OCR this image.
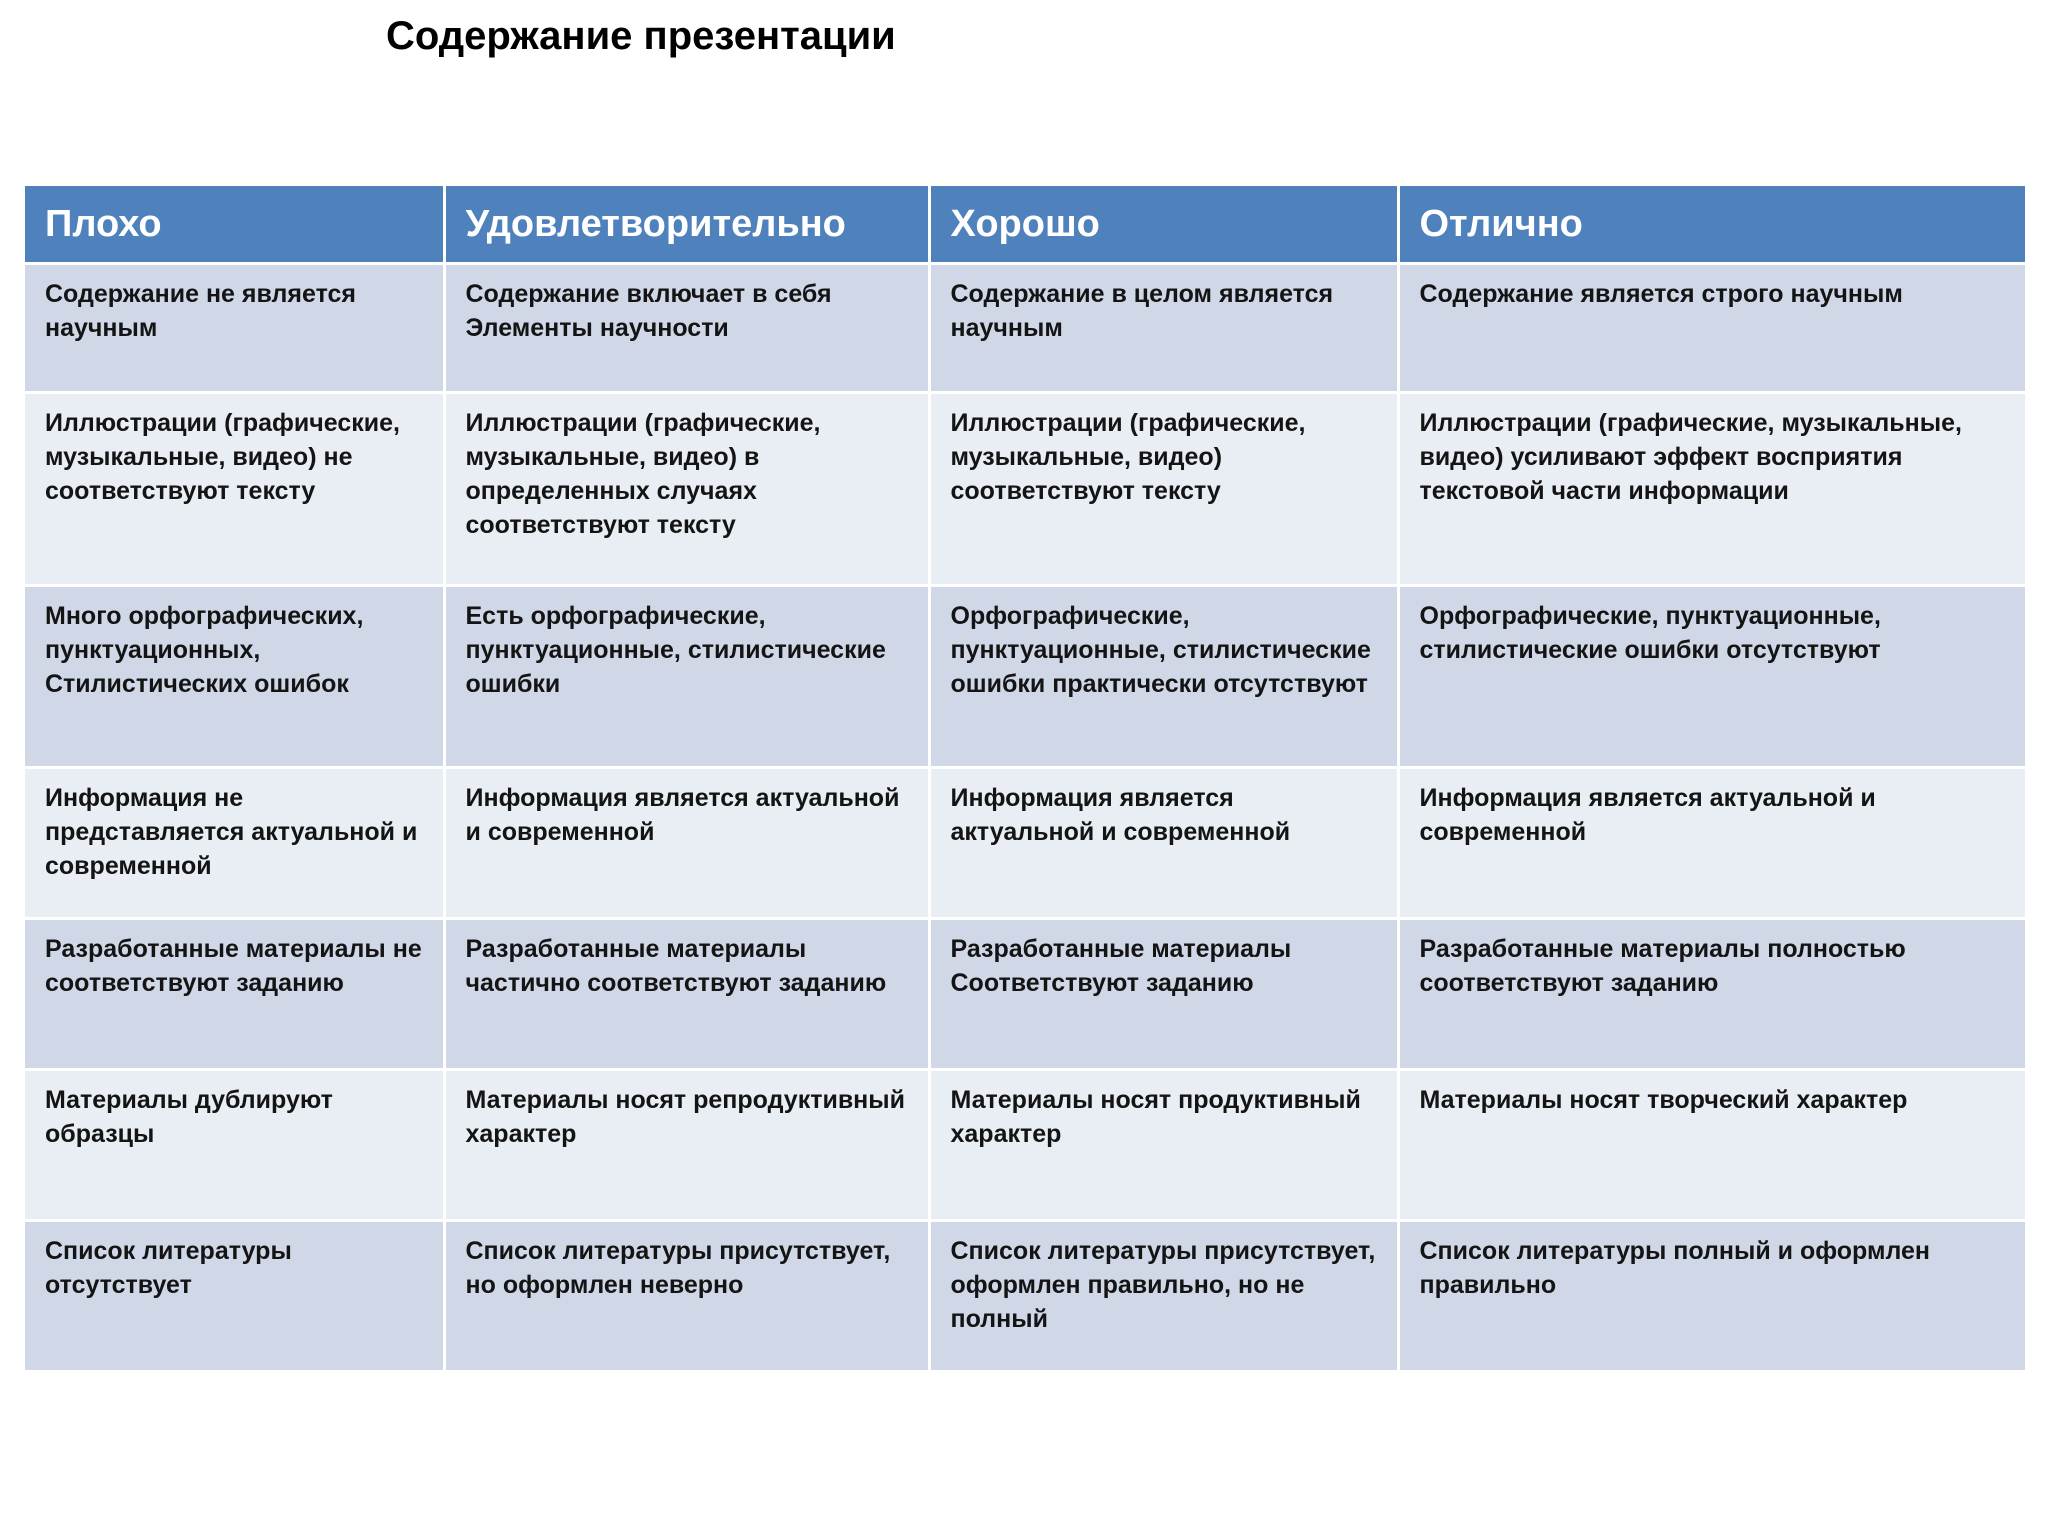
Содержание презентации
Плохо	Удовлетворительно	Хорошо	Отлично
Содержание не является научным	Содержание включает в себя Элементы научности	Содержание в целом является научным	Содержание является строго научным
Иллюстрации (графические, музыкальные, видео) не соответствуют тексту	Иллюстрации (графические, музыкальные, видео) в определенных случаях соответствуют тексту	Иллюстрации (графические, музыкальные, видео) соответствуют тексту	Иллюстрации (графические, музыкальные, видео) усиливают эффект восприятия текстовой части информации
Много орфографических, пунктуационных, Стилистических ошибок	Есть орфографические, пунктуационные, стилистические ошибки	Орфографические, пунктуационные, стилистические ошибки практически отсутствуют	Орфографические, пунктуационные, стилистические ошибки отсутствуют
Информация не представляется актуальной и современной	Информация является актуальной и современной	Информация является актуальной и современной	Информация является актуальной и современной
Разработанные материалы не соответствуют заданию	Разработанные материалы частично соответствуют заданию	Разработанные материалы Соответствуют заданию	Разработанные материалы полностью соответствуют заданию
Материалы дублируют образцы	Материалы носят репродуктивный характер	Материалы носят продуктивный характер	Материалы носят творческий характер
Список литературы отсутствует	Список литературы присутствует, но оформлен неверно	Список литературы присутствует, оформлен правильно, но не полный	Список литературы полный и оформлен правильно
